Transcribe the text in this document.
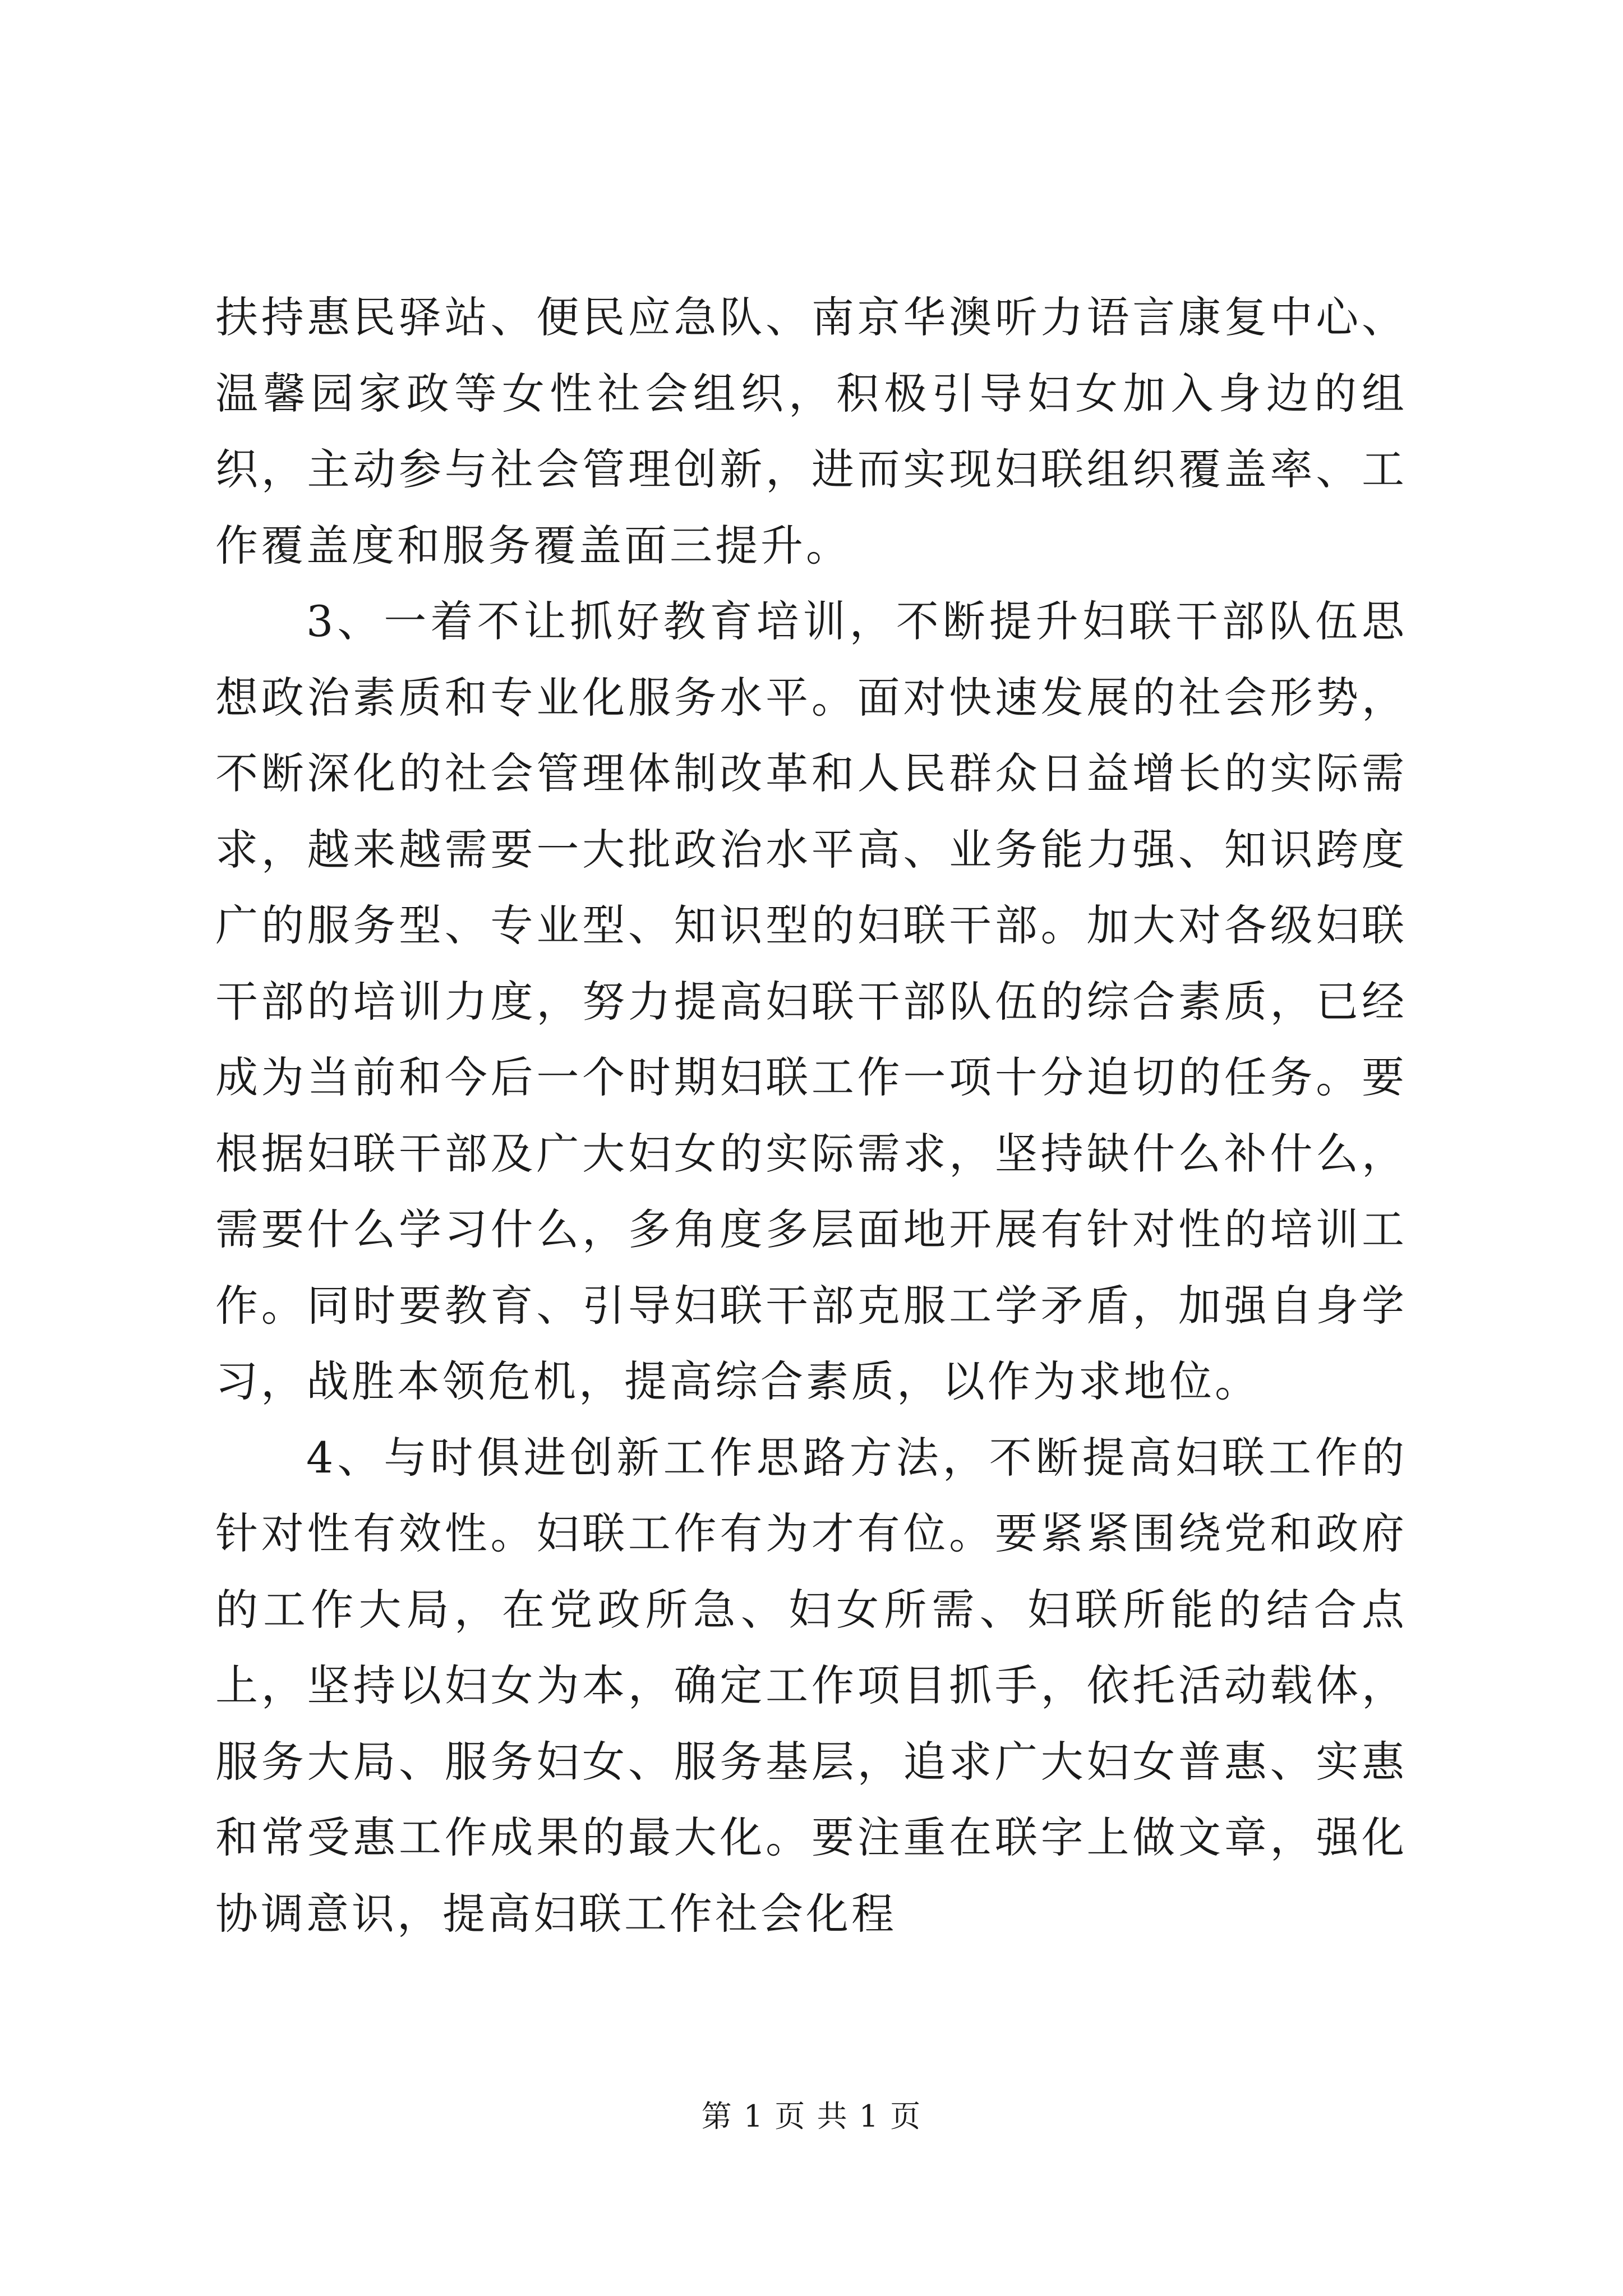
扶持惠民驿站、便民应急队、南京华澳听力语言康复中心、温馨园家政等女性社会组织，积极引导妇女加入身边的组织，主动参与社会管理创新，进而实现妇联组织覆盖率、工作覆盖度和服务覆盖面三提升。

3、一着不让抓好教育培训，不断提升妇联干部队伍思想政治素质和专业化服务水平。面对快速发展的社会形势，不断深化的社会管理体制改革和人民群众日益增长的实际需求，越来越需要一大批政治水平高、业务能力强、知识跨度广的服务型、专业型、知识型的妇联干部。加大对各级妇联干部的培训力度，努力提高妇联干部队伍的综合素质，已经成为当前和今后一个时期妇联工作一项十分迫切的任务。要根据妇联干部及广大妇女的实际需求，坚持缺什么补什么，需要什么学习什么，多角度多层面地开展有针对性的培训工作。同时要教育、引导妇联干部克服工学矛盾，加强自身学习，战胜本领危机，提高综合素质，以作为求地位。

4、与时俱进创新工作思路方法，不断提高妇联工作的针对性有效性。妇联工作有为才有位。要紧紧围绕党和政府的工作大局，在党政所急、妇女所需、妇联所能的结合点上，坚持以妇女为本，确定工作项目抓手，依托活动载体，服务大局、服务妇女、服务基层，追求广大妇女普惠、实惠和常受惠工作成果的最大化。要注重在联字上做文章，强化协调意识，提高妇联工作社会化程

第 1 页 共 1 页
